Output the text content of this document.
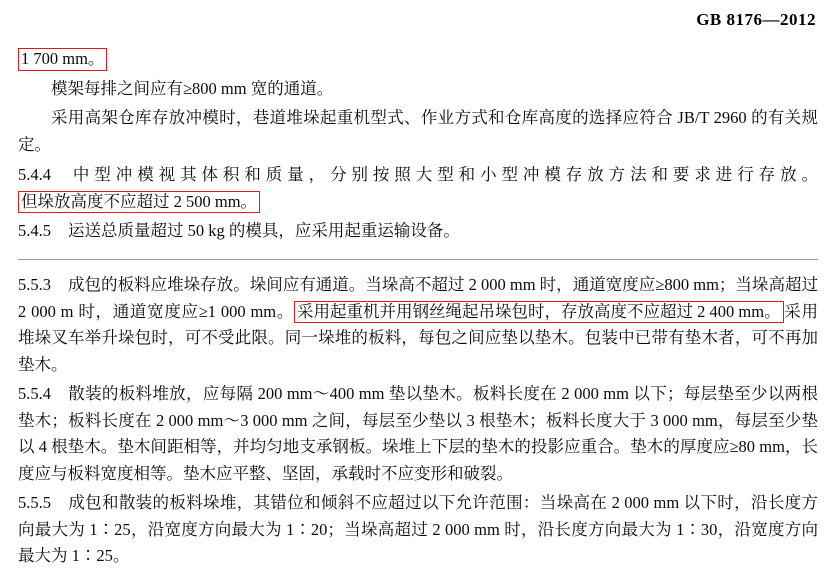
GB 8176—2012

1 700 mm。

模架每排之间应有≥800 mm 宽的通道。

采用高架仓库存放冲模时，巷道堆垛起重机型式、作业方式和仓库高度的选择应符合 JB/T 2960 的有关规定。

5.4.4 中型冲模视其体积和质量，分别按照大型和小型冲模存放方法和要求进行存放。但垛放高度不应超过 2 500 mm。

5.4.5 运送总质量超过 50 kg 的模具，应采用起重运输设备。

5.5.3 成包的板料应堆垛存放。垛间应有通道。当垛高不超过 2 000 mm 时，通道宽度应≥800 mm；当垛高超过 2 000 m 时，通道宽度应≥1 000 mm。 采用起重机并用钢丝绳起吊垛包时，存放高度不应超过 2 400 mm。 采用堆垛叉车举升垛包时，可不受此限。同一垛堆的板料，每包之间应垫以垫木。包装中已带有垫木者，可不再加垫木。

5.5.4 散装的板料堆放，应每隔 200 mm～400 mm 垫以垫木。板料长度在 2 000 mm 以下；每层垫至少以两根垫木；板料长度在 2 000 mm～3 000 mm 之间，每层至少垫以 3 根垫木；板料长度大于 3 000 mm，每层至少垫以 4 根垫木。垫木间距相等，并均匀地支承钢板。垛堆上下层的垫木的投影应重合。垫木的厚度应≥80 mm，长度应与板料宽度相等。垫木应平整、坚固，承载时不应变形和破裂。

5.5.5 成包和散装的板料垛堆，其错位和倾斜不应超过以下允许范围：当垛高在 2 000 mm 以下时，沿长度方向最大为 1∶25，沿宽度方向最大为 1∶20；当垛高超过 2 000 mm 时，沿长度方向最大为 1∶30，沿宽度方向最大为 1∶25。
